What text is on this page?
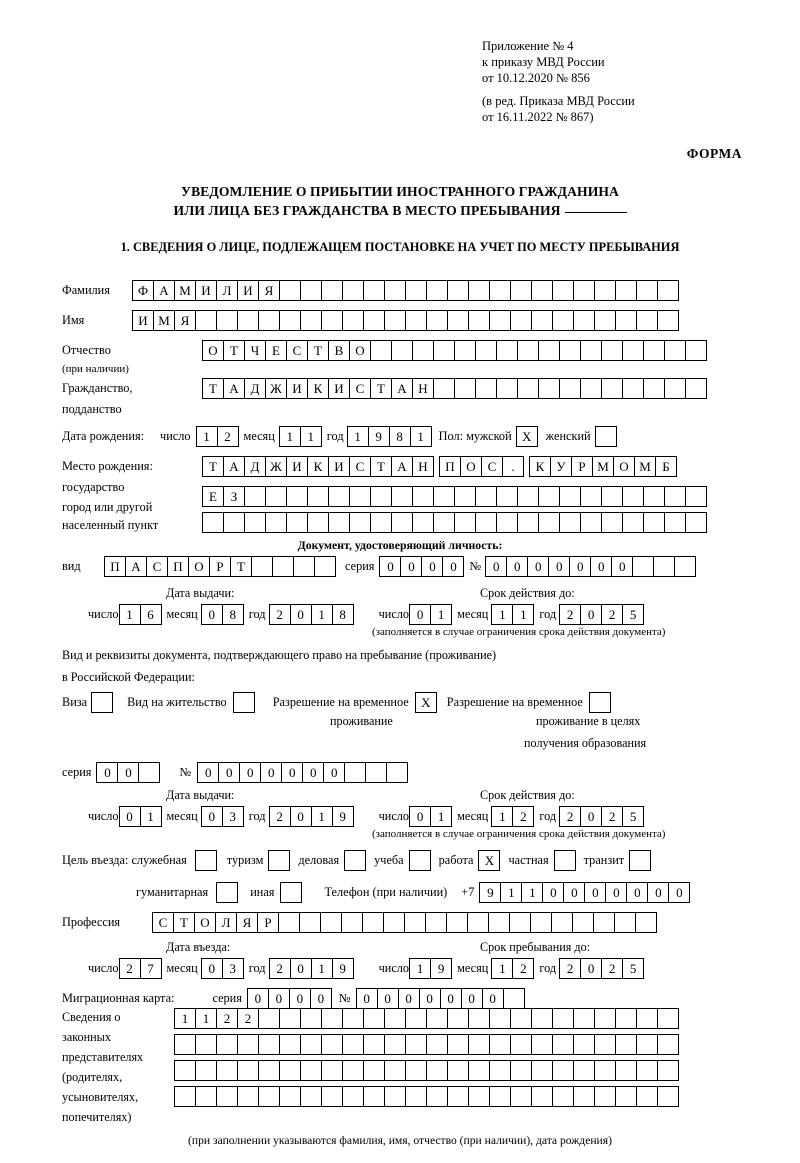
Приложение № 4
к приказу МВД России
от 10.12.2020 № 856
(в ред. Приказа МВД России
от 16.11.2022 № 867)
ФОРМА
УВЕДОМЛЕНИЕ О ПРИБЫТИИ ИНОСТРАННОГО ГРАЖДАНИНА
ИЛИ ЛИЦА БЕЗ ГРАЖДАНСТВА В МЕСТО ПРЕБЫВАНИЯ
1. СВЕДЕНИЯ О ЛИЦЕ, ПОДЛЕЖАЩЕМ ПОСТАНОВКЕ НА УЧЕТ ПО МЕСТУ ПРЕБЫВАНИЯ
Фамилия	Ф А М И Л И Я
Имя	И М Я
Отчество	О Т Ч Е С Т В О
(при наличии)
Гражданство,	Т А Д Ж И К И С Т А Н
подданство
Дата рождения: число 1	2	месяц 1	1	год 1	9	8	1	Пол: мужской X	женский
Место рождения:	Т А Д Ж И К И С Т А Н	П О С	.	К У Р М О М Б
государство
Е	З
город или другой
населенный пункт
Документ, удостоверяющий личность:
вид	П А С П О Р	Т	серия 0	0	0	0	№ 0	0	0	0	0	0	0
Дата выдачи:	Срок действия до:
число 1	6	месяц 0	8	год 2	0	1	8	число 0	1	месяц 1	1	год 2	0	2	5
(заполняется в случае ограничения срока действия документа)
Вид и реквизиты документа, подтверждающего право на пребывание (проживание)
в Российской Федерации:
Виза	Вид на жительство	Разрешение на временное X	Разрешение на временное
проживание	проживание в целях
получения образования
серия 0	0	№	0	0	0	0	0	0	0
Дата выдачи:	Срок действия до:
число 0	1	месяц 0	3	год 2	0	1	9	число 0	1	месяц 1	2	год 2	0	2	5
(заполняется в случае ограничения срока действия документа)
Цель въезда: служебная	туризм	деловая	учеба	работа X	частная	транзит
гуманитарная	иная	Телефон (при наличии) +7 9	1	1	0	0	0	0	0	0	0
Профессия	С Т О Л Я	Р
Дата въезда:	Срок пребывания до:
число 2	7	месяц 0	3	год 2	0	1	9	число 1	9	месяц 1	2	год 2	0	2	5
Миграционная карта:	серия 0	0	0	0	№ 0	0	0	0	0	0	0
Сведения о
законных
представителях
(родителях,
усыновителях,
попечителях)
1	1	2	2
(при заполнении указываются фамилия, имя, отчество (при наличии), дата рождения)
